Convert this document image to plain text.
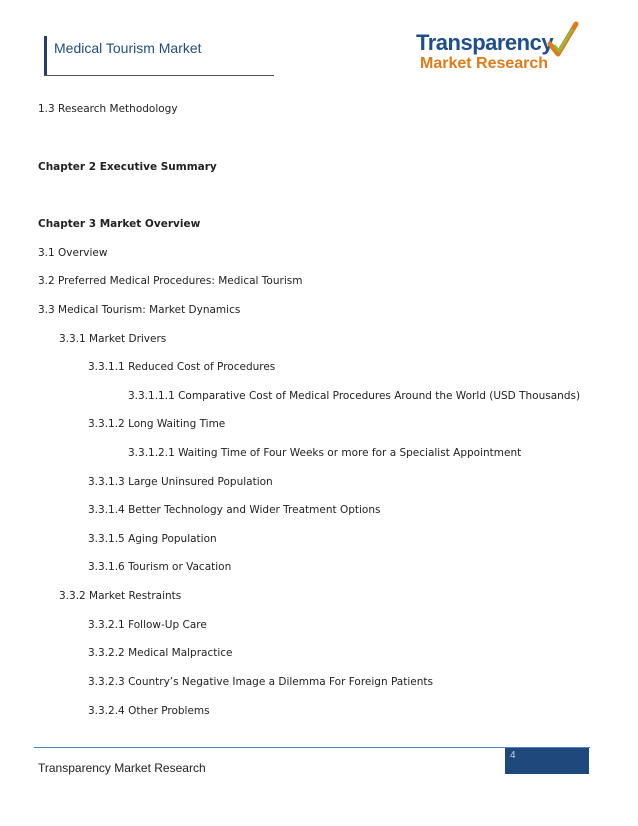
Medical Tourism Market	Transparency
Market Research
1.3 Research Methodology
Chapter 2 Executive Summary
Chapter 3 Market Overview
3.1 Overview
3.2 Preferred Medical Procedures: Medical Tourism
3.3 Medical Tourism: Market Dynamics
3.3.1 Market Drivers
3.3.1.1 Reduced Cost of Procedures
3.3.1.1.1 Comparative Cost of Medical Procedures Around the World (USD Thousands)
3.3.1.2 Long Waiting Time
3.3.1.2.1 Waiting Time of Four Weeks or more for a Specialist Appointment
3.3.1.3 Large Uninsured Population
3.3.1.4 Better Technology and Wider Treatment Options
3.3.1.5 Aging Population
3.3.1.6 Tourism or Vacation
3.3.2 Market Restraints
3.3.2.1 Follow-Up Care
3.3.2.2 Medical Malpractice
3.3.2.3 Country’s Negative Image a Dilemma For Foreign Patients
3.3.2.4 Other Problems
4
Transparency Market Research
